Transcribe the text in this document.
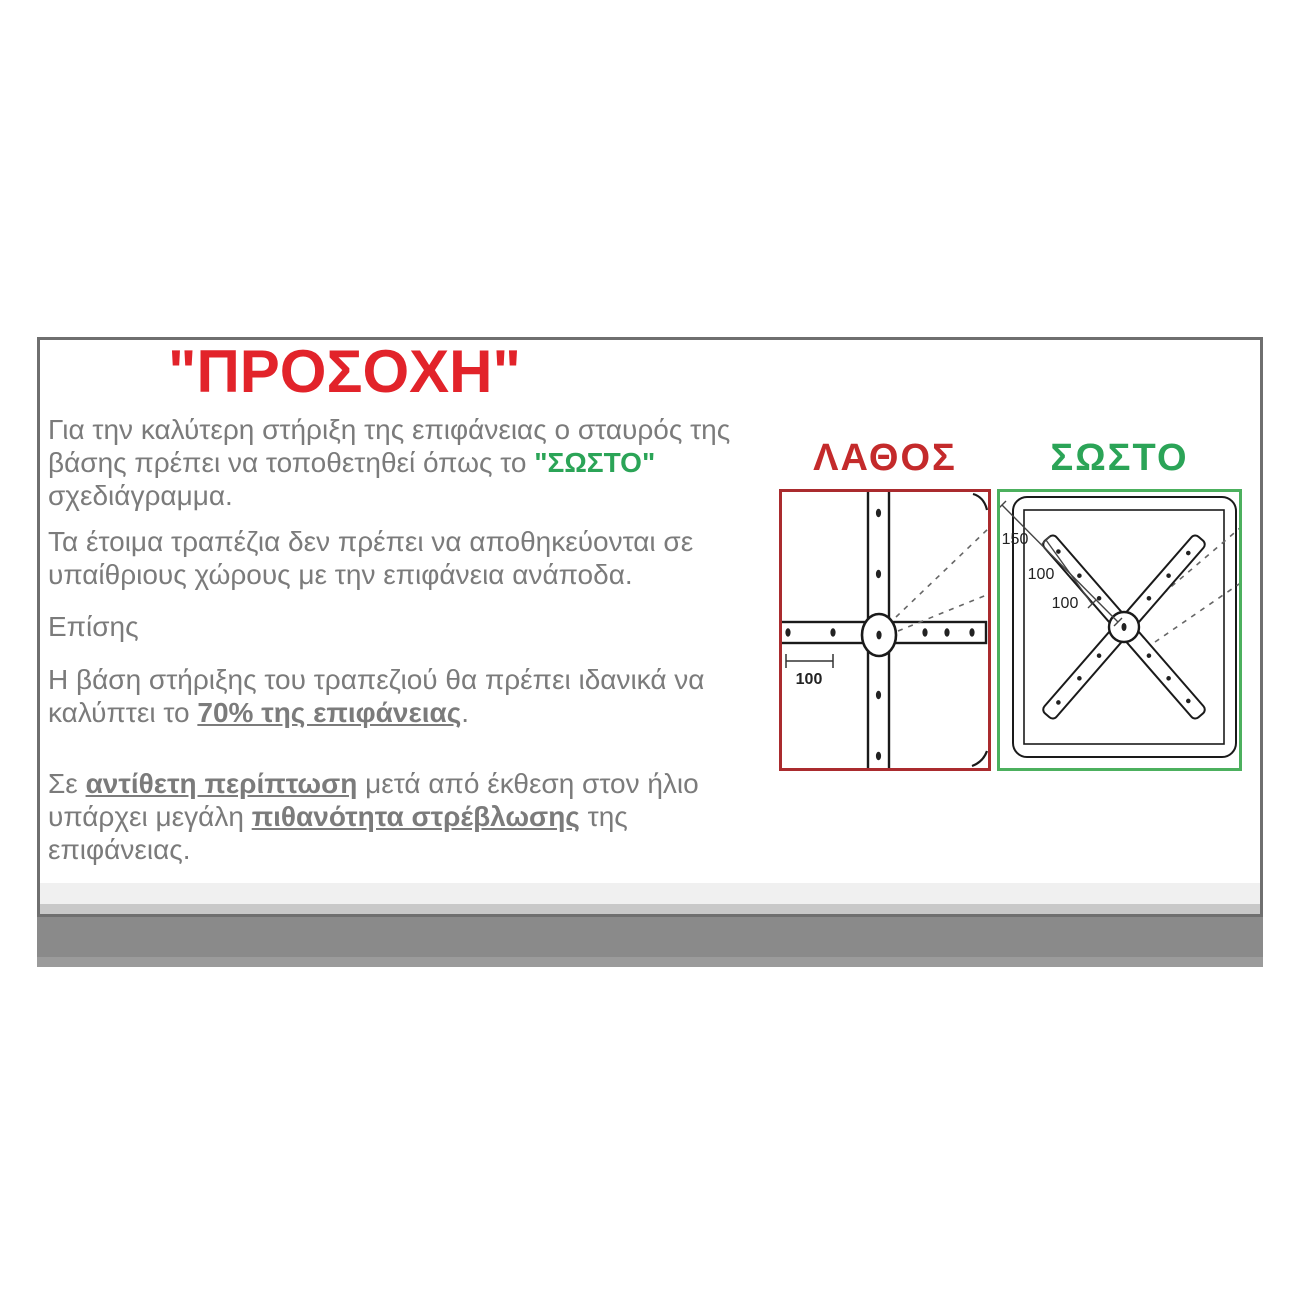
"ΠΡΟΣΟΧΗ"
Για την καλύτερη στήριξη της επιφάνειας ο σταυρός της
βάσης πρέπει να τοποθετηθεί όπως το "ΣΩΣΤΟ"
σχεδιάγραμμα.
Τα έτοιμα τραπέζια δεν πρέπει να αποθηκεύονται σε
υπαίθριους χώρους με την επιφάνεια ανάποδα.
Επίσης
Η βάση στήριξης του τραπεζιού θα πρέπει ιδανικά να
καλύπτει το 70% της επιφάνειας.
Σε αντίθετη περίπτωση μετά από έκθεση στον ήλιο
υπάρχει μεγάλη πιθανότητα στρέβλωσης της
επιφάνειας.
ΛΑΘΟΣ	ΣΩΣΤΟ
100
150
100
100
